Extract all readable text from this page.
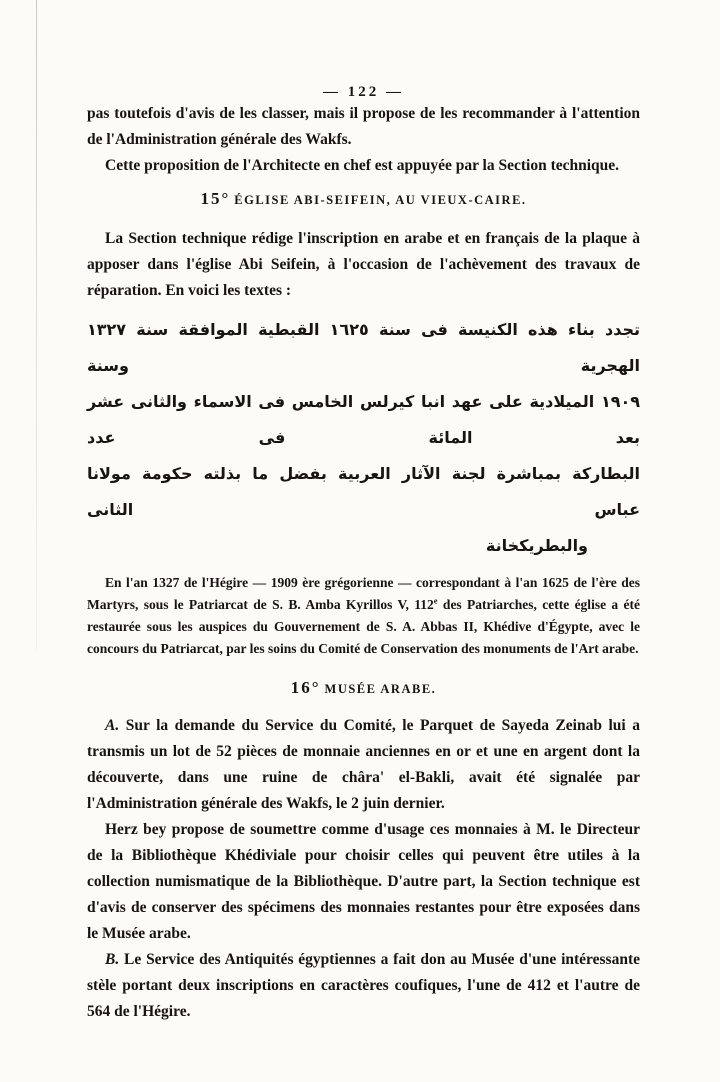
— 122 —

pas toutefois d'avis de les classer, mais il propose de les recommander à l'attention de l'Administration générale des Wakfs.

Cette proposition de l'Architecte en chef est appuyée par la Section technique.

15° ÉGLISE ABI-SEIFEIN, AU VIEUX-CAIRE.

La Section technique rédige l'inscription en arabe et en français de la plaque à apposer dans l'église Abi Seifein, à l'occasion de l'achèvement des travaux de réparation. En voici les textes :

تجدد بناء هذه الكنيسة فى سنة ١٦٢٥ القبطية الموافقة سنة ١٣٢٧ الهجرية وسنة
١٩٠٩ الميلادية على عهد انبا كيرلس الخامس فى الاسماء والثانى عشر بعد المائة فى عدد
البطاركة بمباشرة لجنة الآثار العربية بفضل ما بذلته حكومة مولانا عباس الثانى
والبطريكخانة

En l'an 1327 de l'Hégire — 1909 ère grégorienne — correspondant à l'an 1625 de l'ère des Martyrs, sous le Patriarcat de S. B. Amba Kyrillos V, 112e des Patriarches, cette église a été restaurée sous les auspices du Gouvernement de S. A. Abbas II, Khédive d'Égypte, avec le concours du Patriarcat, par les soins du Comité de Conservation des monuments de l'Art arabe.

16° MUSÉE ARABE.

A. Sur la demande du Service du Comité, le Parquet de Sayeda Zeinab lui a transmis un lot de 52 pièces de monnaie anciennes en or et une en argent dont la découverte, dans une ruine de châra' el-Bakli, avait été signalée par l'Administration générale des Wakfs, le 2 juin dernier.

Herz bey propose de soumettre comme d'usage ces monnaies à M. le Directeur de la Bibliothèque Khédiviale pour choisir celles qui peuvent être utiles à la collection numismatique de la Bibliothèque. D'autre part, la Section technique est d'avis de conserver des spécimens des monnaies restantes pour être exposées dans le Musée arabe.

B. Le Service des Antiquités égyptiennes a fait don au Musée d'une intéressante stèle portant deux inscriptions en caractères coufiques, l'une de 412 et l'autre de 564 de l'Hégire.
